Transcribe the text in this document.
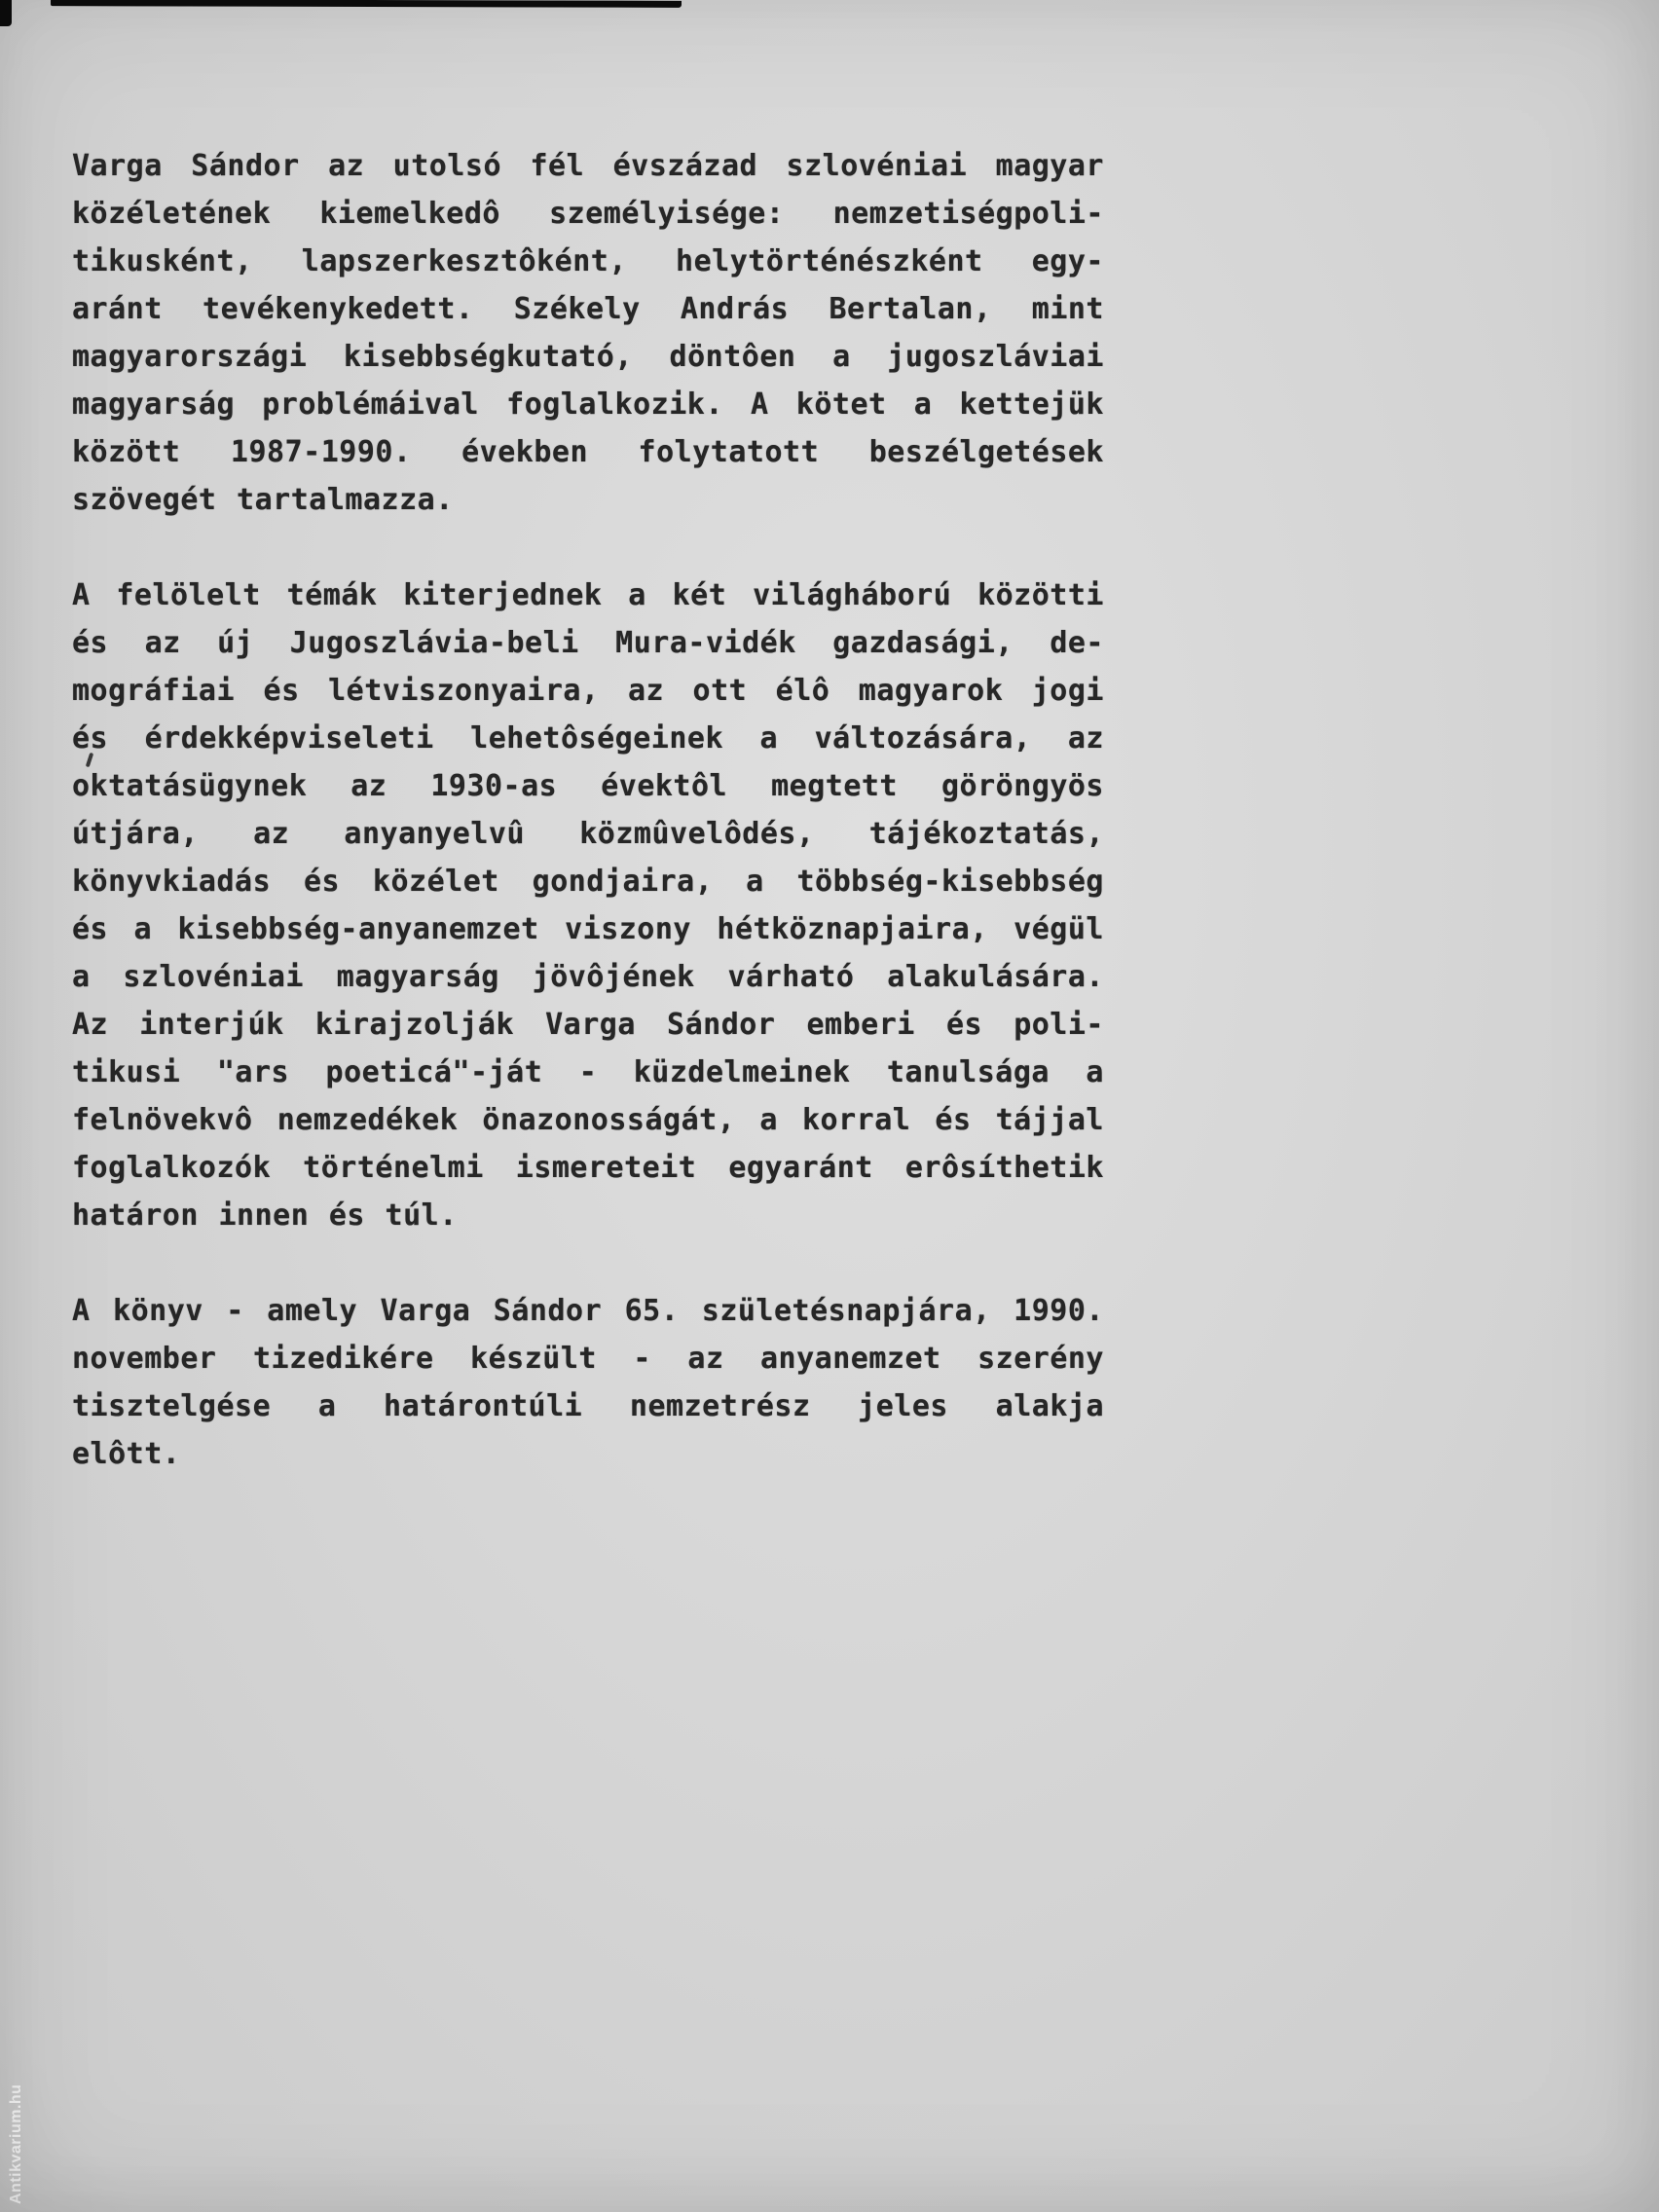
Varga Sándor az utolsó fél évszázad szlovéniai magyar
közéletének kiemelkedô személyisége: nemzetiségpoli-
tikusként, lapszerkesztôként, helytörténészként egy-
aránt tevékenykedett. Székely András Bertalan, mint
magyarországi kisebbségkutató, döntôen a jugoszláviai
magyarság problémáival foglalkozik. A kötet a kettejük
között 1987-1990. években folytatott beszélgetések
szövegét tartalmazza.
A felölelt témák kiterjednek a két világháború közötti
és az új Jugoszlávia-beli Mura-vidék gazdasági, de-
mográfiai és létviszonyaira, az ott élô magyarok jogi
és érdekképviseleti lehetôségeinek a változására, az
oktatásügynek az 1930-as évektôl megtett göröngyös
útjára, az anyanyelvû közmûvelôdés, tájékoztatás,
könyvkiadás és közélet gondjaira, a többség-kisebbség
és a kisebbség-anyanemzet viszony hétköznapjaira, végül
a szlovéniai magyarság jövôjének várható alakulására.
Az interjúk kirajzolják Varga Sándor emberi és poli-
tikusi "ars poeticá"-ját - küzdelmeinek tanulsága a
felnövekvô nemzedékek önazonosságát, a korral és tájjal
foglalkozók történelmi ismereteit egyaránt erôsíthetik
határon innen és túl.
A könyv - amely Varga Sándor 65. születésnapjára, 1990.
november tizedikére készült - az anyanemzet szerény
tisztelgése a határontúli nemzetrész jeles alakja
elôtt.
Antikvarium.hu
